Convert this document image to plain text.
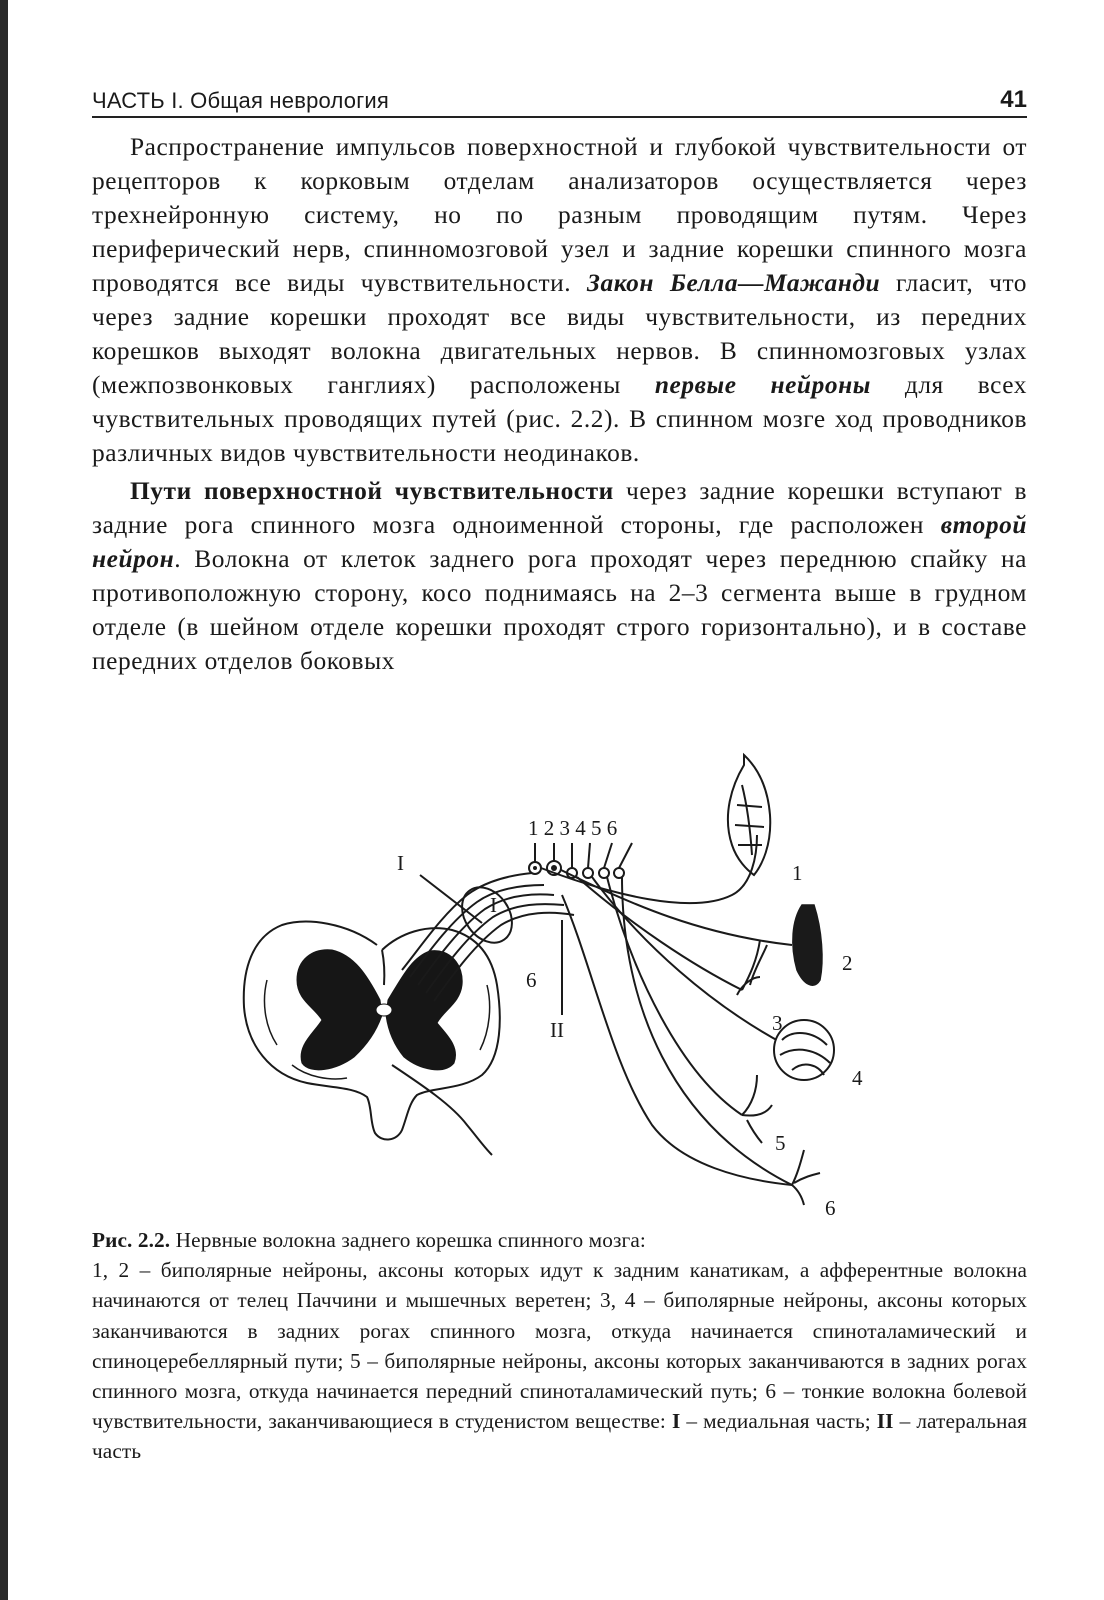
ЧАСТЬ I. Общая неврология	41

Распространение импульсов поверхностной и глубокой чувствительности от рецепторов к корковым отделам анализаторов осуществляется через трехнейронную систему, но по разным проводящим путям. Через периферический нерв, спинномозговой узел и задние корешки спинного мозга проводятся все виды чувствительности. Закон Белла—Мажанди гласит, что через задние корешки проходят все виды чувствительности, из передних корешков выходят волокна двигательных нервов. В спинномозговых узлах (межпозвонковых ганглиях) расположены первые нейроны для всех чувствительных проводящих путей (рис. 2.2). В спинном мозге ход проводников различных видов чувствительности неодинаков.

Пути поверхностной чувствительности через задние корешки вступают в задние рога спинного мозга одноименной стороны, где расположен второй нейрон. Волокна от клеток заднего рога проходят через переднюю спайку на противоположную сторону, косо поднимаясь на 2–3 сегмента выше в грудном отделе (в шейном отделе корешки проходят строго горизонтально), и в составе передних отделов боковых

1 2 3 4 5 6
I
I
6
II
1
2
3
4
5
6

Рис. 2.2. Нервные волокна заднего корешка спинного мозга:

1, 2 – биполярные нейроны, аксоны которых идут к задним канатикам, а афферентные волокна начинаются от телец Паччини и мышечных веретен; 3, 4 – биполярные нейроны, аксоны которых заканчиваются в задних рогах спинного мозга, откуда начинается спиноталамический и спиноцеребеллярный пути; 5 – биполярные нейроны, аксоны которых заканчиваются в задних рогах спинного мозга, откуда начинается передний спиноталамический путь; 6 – тонкие волокна болевой чувствительности, заканчивающиеся в студенистом веществе: I – медиальная часть; II – латеральная часть
